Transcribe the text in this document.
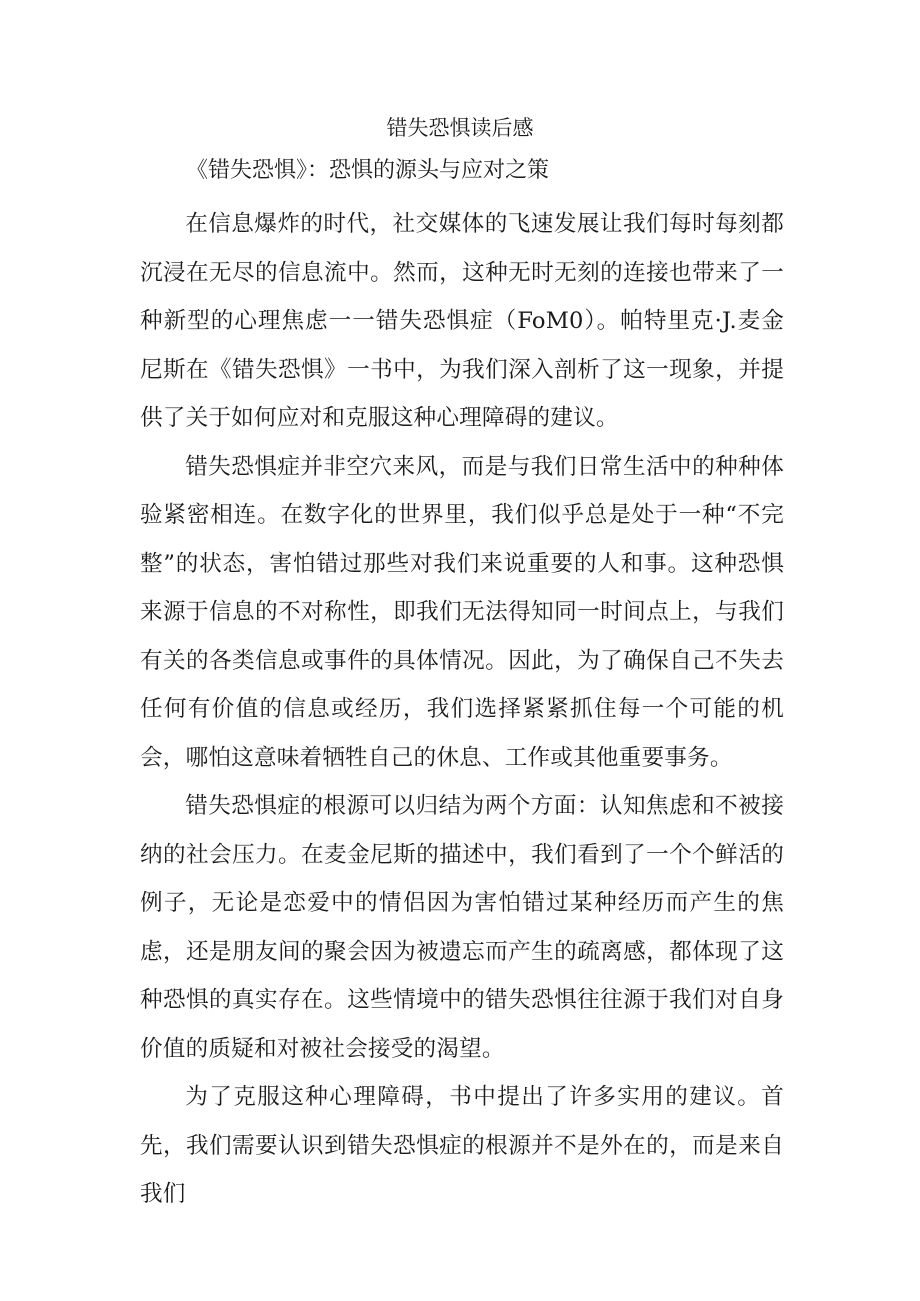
错失恐惧读后感
《错失恐惧》：恐惧的源头与应对之策

在信息爆炸的时代，社交媒体的飞速发展让我们每时每刻都沉浸在无尽的信息流中。然而，这种无时无刻的连接也带来了一种新型的心理焦虑一一错失恐惧症（FoM0）。帕特里克·J.麦金尼斯在《错失恐惧》一书中，为我们深入剖析了这一现象，并提供了关于如何应对和克服这种心理障碍的建议。

错失恐惧症并非空穴来风，而是与我们日常生活中的种种体验紧密相连。在数字化的世界里，我们似乎总是处于一种“不完整”的状态，害怕错过那些对我们来说重要的人和事。这种恐惧来源于信息的不对称性，即我们无法得知同一时间点上，与我们有关的各类信息或事件的具体情况。因此，为了确保自己不失去任何有价值的信息或经历，我们选择紧紧抓住每一个可能的机会，哪怕这意味着牺牲自己的休息、工作或其他重要事务。

错失恐惧症的根源可以归结为两个方面：认知焦虑和不被接纳的社会压力。在麦金尼斯的描述中，我们看到了一个个鲜活的例子，无论是恋爱中的情侣因为害怕错过某种经历而产生的焦虑，还是朋友间的聚会因为被遗忘而产生的疏离感，都体现了这种恐惧的真实存在。这些情境中的错失恐惧往往源于我们对自身价值的质疑和对被社会接受的渴望。

为了克服这种心理障碍，书中提出了许多实用的建议。首先，我们需要认识到错失恐惧症的根源并不是外在的，而是来自我们
